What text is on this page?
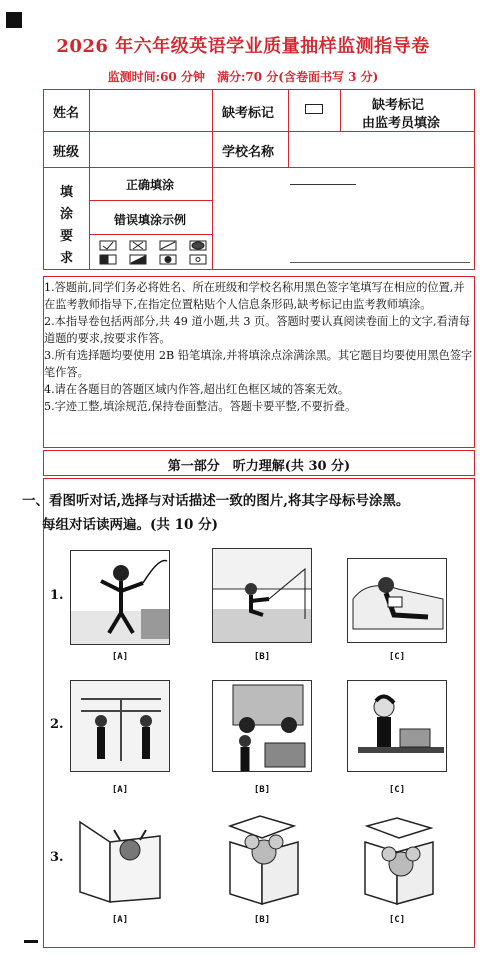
2026 年六年级英语学业质量抽样监测指导卷
监测时间:60 分钟　满分:70 分(含卷面书写 3 分)
姓名	缺考标记
缺考标记
由监考员填涂
班级	学校名称
填
涂
要
求
正确填涂
错误填涂示例

1.答题前,同学们务必将姓名、所在班级和学校名称用黑色签字笔填写在相应的位置,并在监考教师指导下,在指定位置粘贴个人信息条形码,缺考标记由监考教师填涂。

2.本指导卷包括两部分,共 49 道小题,共 3 页。答题时要认真阅读卷面上的文字,看清每道题的要求,按要求作答。

3.所有选择题均要使用 2B 铅笔填涂,并将填涂点涂满涂黑。其它题目均要使用黑色签字笔作答。

4.请在各题目的答题区域内作答,超出红色框区域的答案无效。

5.字迹工整,填涂规范,保持卷面整洁。答题卡要平整,不要折叠。

第一部分　听力理解(共 30 分)
一、看图听对话,选择与对话描述一致的图片,将其字母标号涂黑。
每组对话读两遍。(共 10 分)
1.
[A]	[B]	[C]
2.
[A]	[B]	[C]
3.
[A]	[B]	[C]
